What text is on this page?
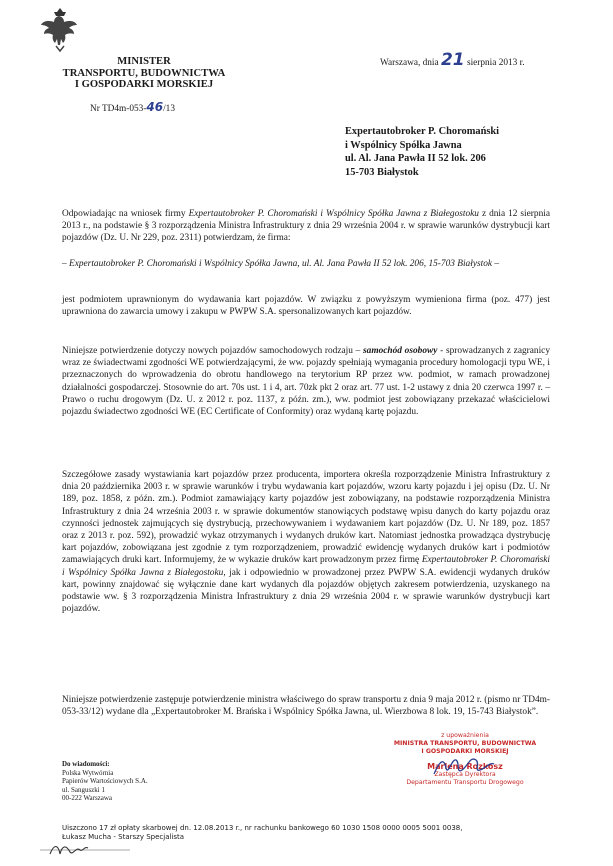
MINISTER
TRANSPORTU, BUDOWNICTWA
I GOSPODARKI MORSKIEJ
Nr TD4m-053-46/13
Warszawa, dnia 21 sierpnia 2013 r.
Expertautobroker P. Choromański
i Wspólnicy Spółka Jawna
ul. Al. Jana Pawła II 52 lok. 206
15-703 Białystok

Odpowiadając na wniosek firmy Expertautobroker P. Choromański i Wspólnicy Spółka Jawna z Białegostoku z dnia 12 sierpnia 2013 r., na podstawie § 3 rozporządzenia Ministra Infrastruktury z dnia 29 września 2004 r. w sprawie warunków dystrybucji kart pojazdów (Dz. U. Nr 229, poz. 2311) potwierdzam, że firma:

– Expertautobroker P. Choromański i Wspólnicy Spółka Jawna, ul. Al. Jana Pawła II 52 lok. 206, 15-703 Białystok –
jest podmiotem uprawnionym do wydawania kart pojazdów. W związku z powyższym wymieniona firma (poz. 477) jest uprawniona do zawarcia umowy i zakupu w PWPW S.A. spersonalizowanych kart pojazdów.

Niniejsze potwierdzenie dotyczy nowych pojazdów samochodowych rodzaju – samochód osobowy - sprowadzanych z zagranicy wraz ze świadectwami zgodności WE potwierdzającymi, że ww. pojazdy spełniają wymagania procedury homologacji typu WE, i przeznaczonych do wprowadzenia do obrotu handlowego na terytorium RP przez ww. podmiot, w ramach prowadzonej działalności gospodarczej. Stosownie do art. 70s ust. 1 i 4, art. 70zk pkt 2 oraz art. 77 ust. 1-2 ustawy z dnia 20 czerwca 1997 r. – Prawo o ruchu drogowym (Dz. U. z 2012 r. poz. 1137, z późn. zm.), ww. podmiot jest zobowiązany przekazać właścicielowi pojazdu świadectwo zgodności WE (EC Certificate of Conformity) oraz wydaną kartę pojazdu.

Szczegółowe zasady wystawiania kart pojazdów przez producenta, importera określa rozporządzenie Ministra Infrastruktury z dnia 20 października 2003 r. w sprawie warunków i trybu wydawania kart pojazdów, wzoru karty pojazdu i jej opisu (Dz. U. Nr 189, poz. 1858, z późn. zm.). Podmiot zamawiający karty pojazdów jest zobowiązany, na podstawie rozporządzenia Ministra Infrastruktury z dnia 24 września 2003 r. w sprawie dokumentów stanowiących podstawę wpisu danych do karty pojazdu oraz czynności jednostek zajmujących się dystrybucją, przechowywaniem i wydawaniem kart pojazdów (Dz. U. Nr 189, poz. 1857 oraz z 2013 r. poz. 592), prowadzić wykaz otrzymanych i wydanych druków kart. Natomiast jednostka prowadząca dystrybucję kart pojazdów, zobowiązana jest zgodnie z tym rozporządzeniem, prowadzić ewidencję wydanych druków kart i podmiotów zamawiających druki kart. Informujemy, że w wykazie druków kart prowadzonym przez firmę Expertautobroker P. Choromański i Wspólnicy Spółka Jawna z Białegostoku, jak i odpowiednio w prowadzonej przez PWPW S.A. ewidencji wydanych druków kart, powinny znajdować się wyłącznie dane kart wydanych dla pojazdów objętych zakresem potwierdzenia, uzyskanego na podstawie ww. § 3 rozporządzenia Ministra Infrastruktury z dnia 29 września 2004 r. w sprawie warunków dystrybucji kart pojazdów.

Niniejsze potwierdzenie zastępuje potwierdzenie ministra właściwego do spraw transportu z dnia 9 maja 2012 r. (pismo nr TD4m-053-33/12) wydane dla „Expertautobroker M. Brańska i Wspólnicy Spółka Jawna, ul. Wierzbowa 8 lok. 19, 15-743 Białystok”.
z upoważnienia
MINISTRA TRANSPORTU, BUDOWNICTWA
I GOSPODARKI MORSKIEJ
Marlena Rozkosz
Zastępca Dyrektora
Departamentu Transportu Drogowego
Do wiadomości:
Polska Wytwórnia
Papierów Wartościowych S.A.
ul. Sanguszki 1
00-222 Warszawa
Uiszczono 17 zł opłaty skarbowej dn. 12.08.2013 r., nr rachunku bankowego 60 1030 1508 0000 0005 5001 0038,
Łukasz Mucha - Starszy Specjalista
